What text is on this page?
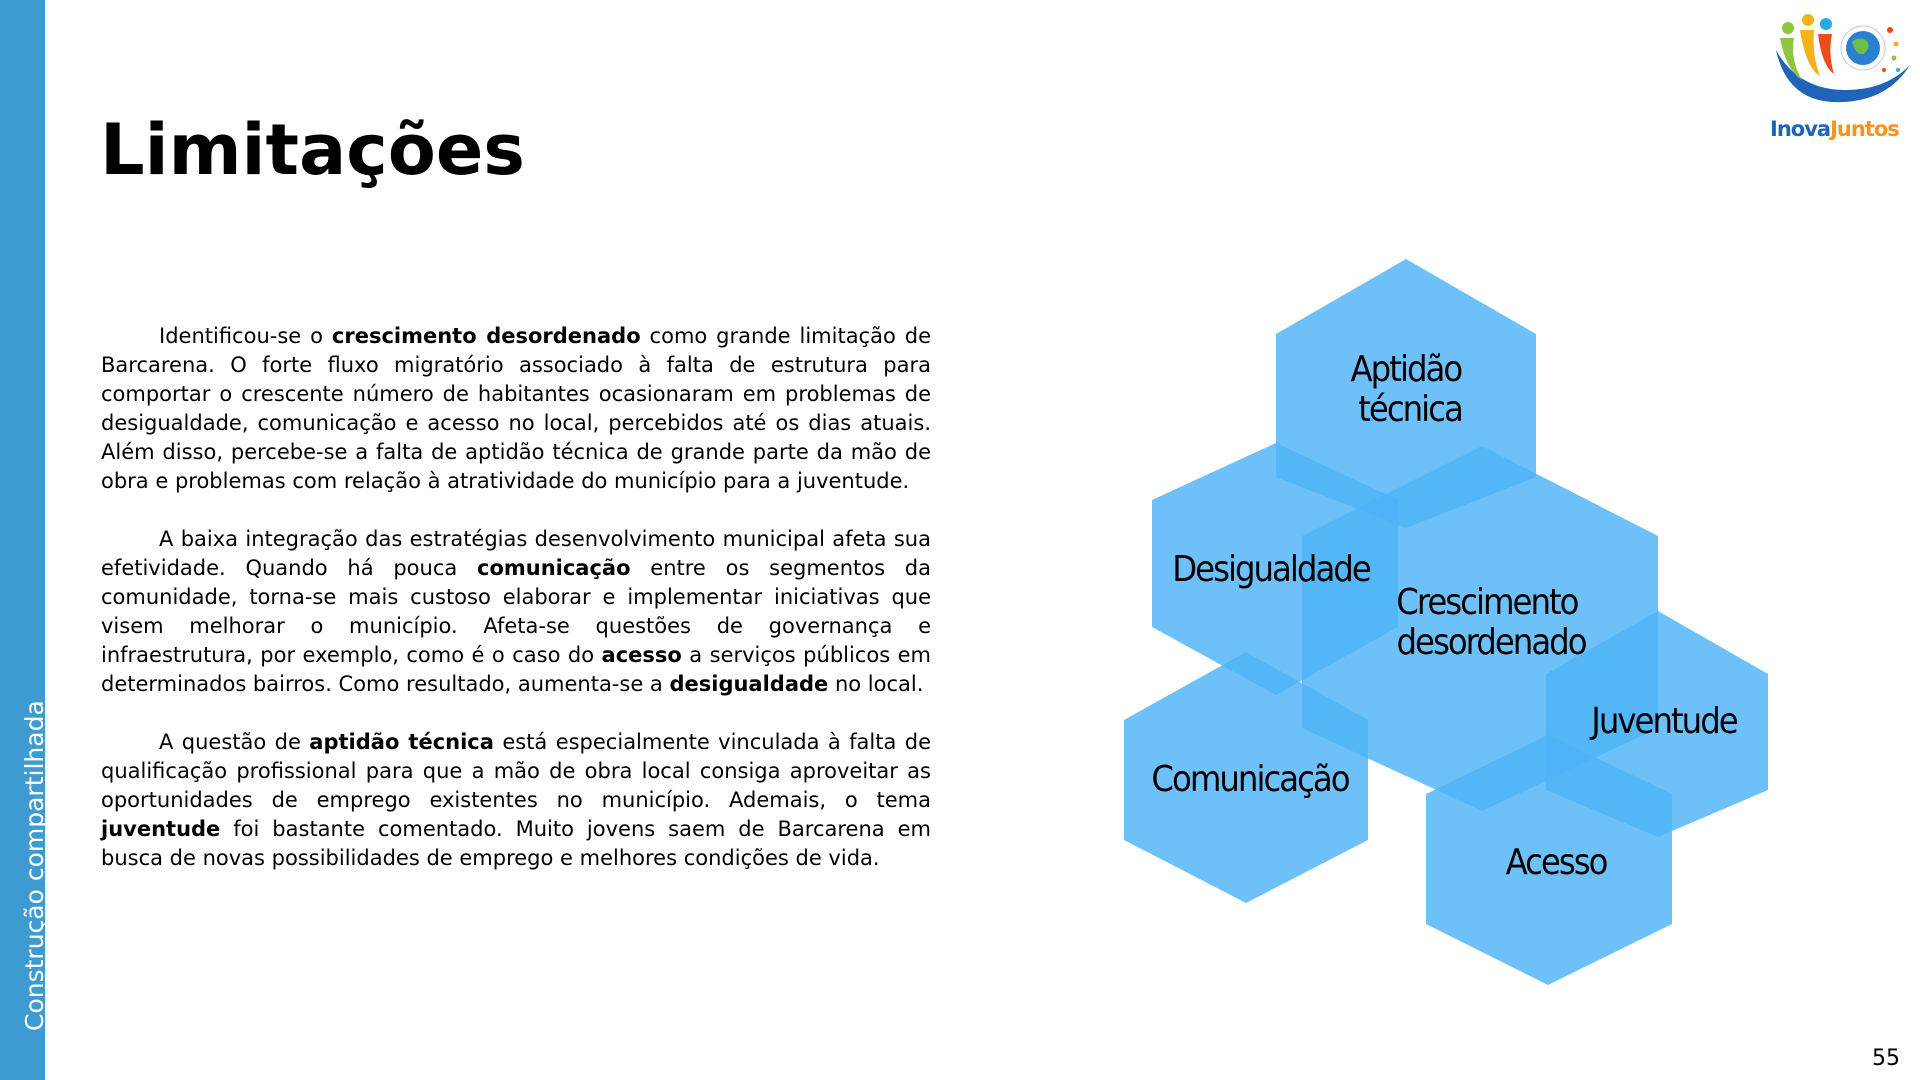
Construção compartilhada
Limitações

Identificou-se o crescimento desordenado como grande limitação de Barcarena. O forte fluxo migratório associado à falta de estrutura para comportar o crescente número de habitantes ocasionaram em problemas de desigualdade, comunicação e acesso no local, percebidos até os dias atuais. Além disso, percebe-se a falta de aptidão técnica de grande parte da mão de obra e problemas com relação à atratividade do município para a juventude.

A baixa integração das estratégias desenvolvimento municipal afeta sua efetividade. Quando há pouca comunicação entre os segmentos da comunidade, torna-se mais custoso elaborar e implementar iniciativas que visem melhorar o município. Afeta-se questões de governança e infraestrutura, por exemplo, como é o caso do acesso a serviços públicos em determinados bairros. Como resultado, aumenta-se a desigualdade no local.

A questão de aptidão técnica está especialmente vinculada à falta de qualificação profissional para que a mão de obra local consiga aproveitar as oportunidades de emprego existentes no município. Ademais, o tema juventude foi bastante comentado. Muito jovens saem de Barcarena em busca de novas possibilidades de emprego e melhores condições de vida.

InovaJuntos
Aptidão técnica
Desigualdade
Crescimento desordenado
Juventude
Comunicação
Acesso
55
